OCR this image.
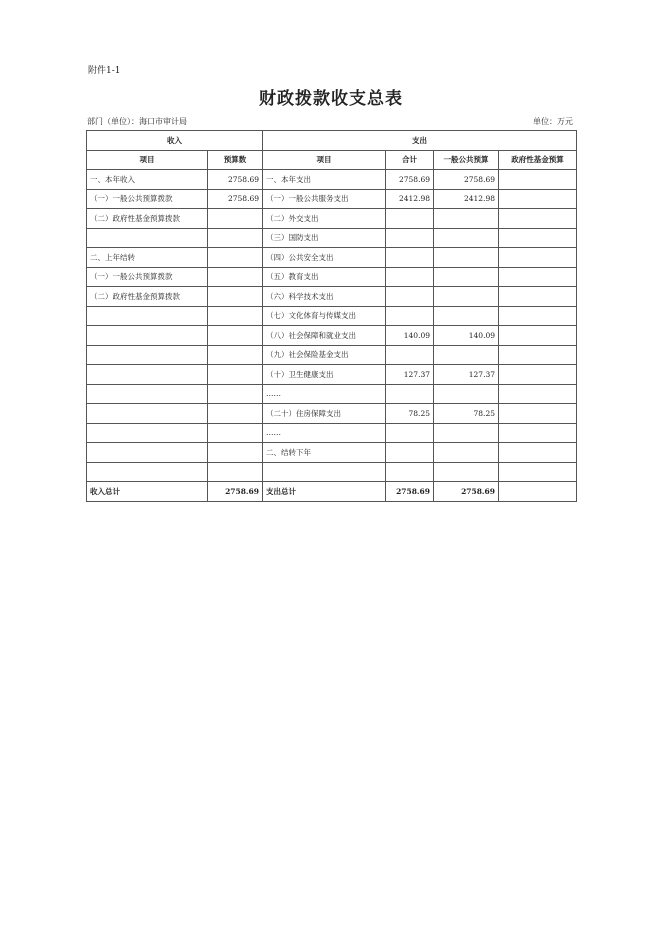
附件1-1
财政拨款收支总表
部门（单位）：海口市审计局	单位：万元
收入		支出			
项目	预算数	项目	合计	一般公共预算	政府性基金预算
一、本年收入	2758.69	一、本年支出	2758.69	2758.69	
（一）一般公共预算拨款	2758.69	（一）一般公共服务支出	2412.98	2412.98	
（二）政府性基金预算拨款		（二）外交支出			
		（三）国防支出			
二、上年结转		（四）公共安全支出			
（一）一般公共预算拨款		（五）教育支出			
（二）政府性基金预算拨款		（六）科学技术支出			
		（七）文化体育与传媒支出			
		（八）社会保障和就业支出	140.09	140.09	
		（九）社会保险基金支出			
		（十）卫生健康支出	127.37	127.37	
		……			
		（二十）住房保障支出	78.25	78.25	
		……			
		二、结转下年			

收入总计	2758.69	支出总计	2758.69	2758.69	
